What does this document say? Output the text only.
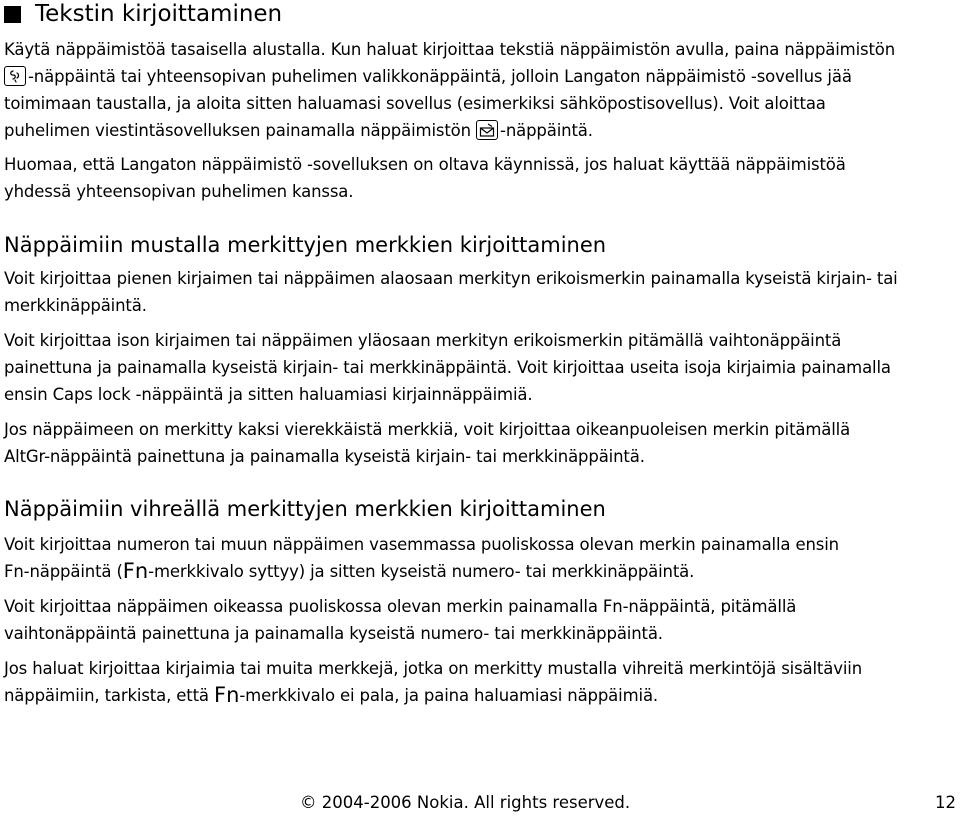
Tekstin kirjoittaminen

Käytä näppäimistöä tasaisella alustalla. Kun haluat kirjoittaa tekstiä näppäimistön avulla, paina näppäimistön

-näppäintä tai yhteensopivan puhelimen valikkonäppäintä, jolloin Langaton näppäimistö -sovellus jää
toimimaan taustalla, ja aloita sitten haluamasi sovellus (esimerkiksi sähköpostisovellus). Voit aloittaa
puhelimen viestintäsovelluksen painamalla näppäimistön -näppäintä.

Huomaa, että Langaton näppäimistö -sovelluksen on oltava käynnissä, jos haluat käyttää näppäimistöä
yhdessä yhteensopivan puhelimen kanssa.

Näppäimiin mustalla merkittyjen merkkien kirjoittaminen

Voit kirjoittaa pienen kirjaimen tai näppäimen alaosaan merkityn erikoismerkin painamalla kyseistä kirjain- tai
merkkinäppäintä.

Voit kirjoittaa ison kirjaimen tai näppäimen yläosaan merkityn erikoismerkin pitämällä vaihtonäppäintä
painettuna ja painamalla kyseistä kirjain- tai merkkinäppäintä. Voit kirjoittaa useita isoja kirjaimia painamalla
ensin Caps lock -näppäintä ja sitten haluamiasi kirjainnäppäimiä.

Jos näppäimeen on merkitty kaksi vierekkäistä merkkiä, voit kirjoittaa oikeanpuoleisen merkin pitämällä
AltGr-näppäintä painettuna ja painamalla kyseistä kirjain- tai merkkinäppäintä.

Näppäimiin vihreällä merkittyjen merkkien kirjoittaminen

Voit kirjoittaa numeron tai muun näppäimen vasemmassa puoliskossa olevan merkin painamalla ensin
Fn-näppäintä (Fn-merkkivalo syttyy) ja sitten kyseistä numero- tai merkkinäppäintä.

Voit kirjoittaa näppäimen oikeassa puoliskossa olevan merkin painamalla Fn-näppäintä, pitämällä
vaihtonäppäintä painettuna ja painamalla kyseistä numero- tai merkkinäppäintä.

Jos haluat kirjoittaa kirjaimia tai muita merkkejä, jotka on merkitty mustalla vihreitä merkintöjä sisältäviin
näppäimiin, tarkista, että Fn-merkkivalo ei pala, ja paina haluamiasi näppäimiä.

© 2004-2006 Nokia. All rights reserved.	12
